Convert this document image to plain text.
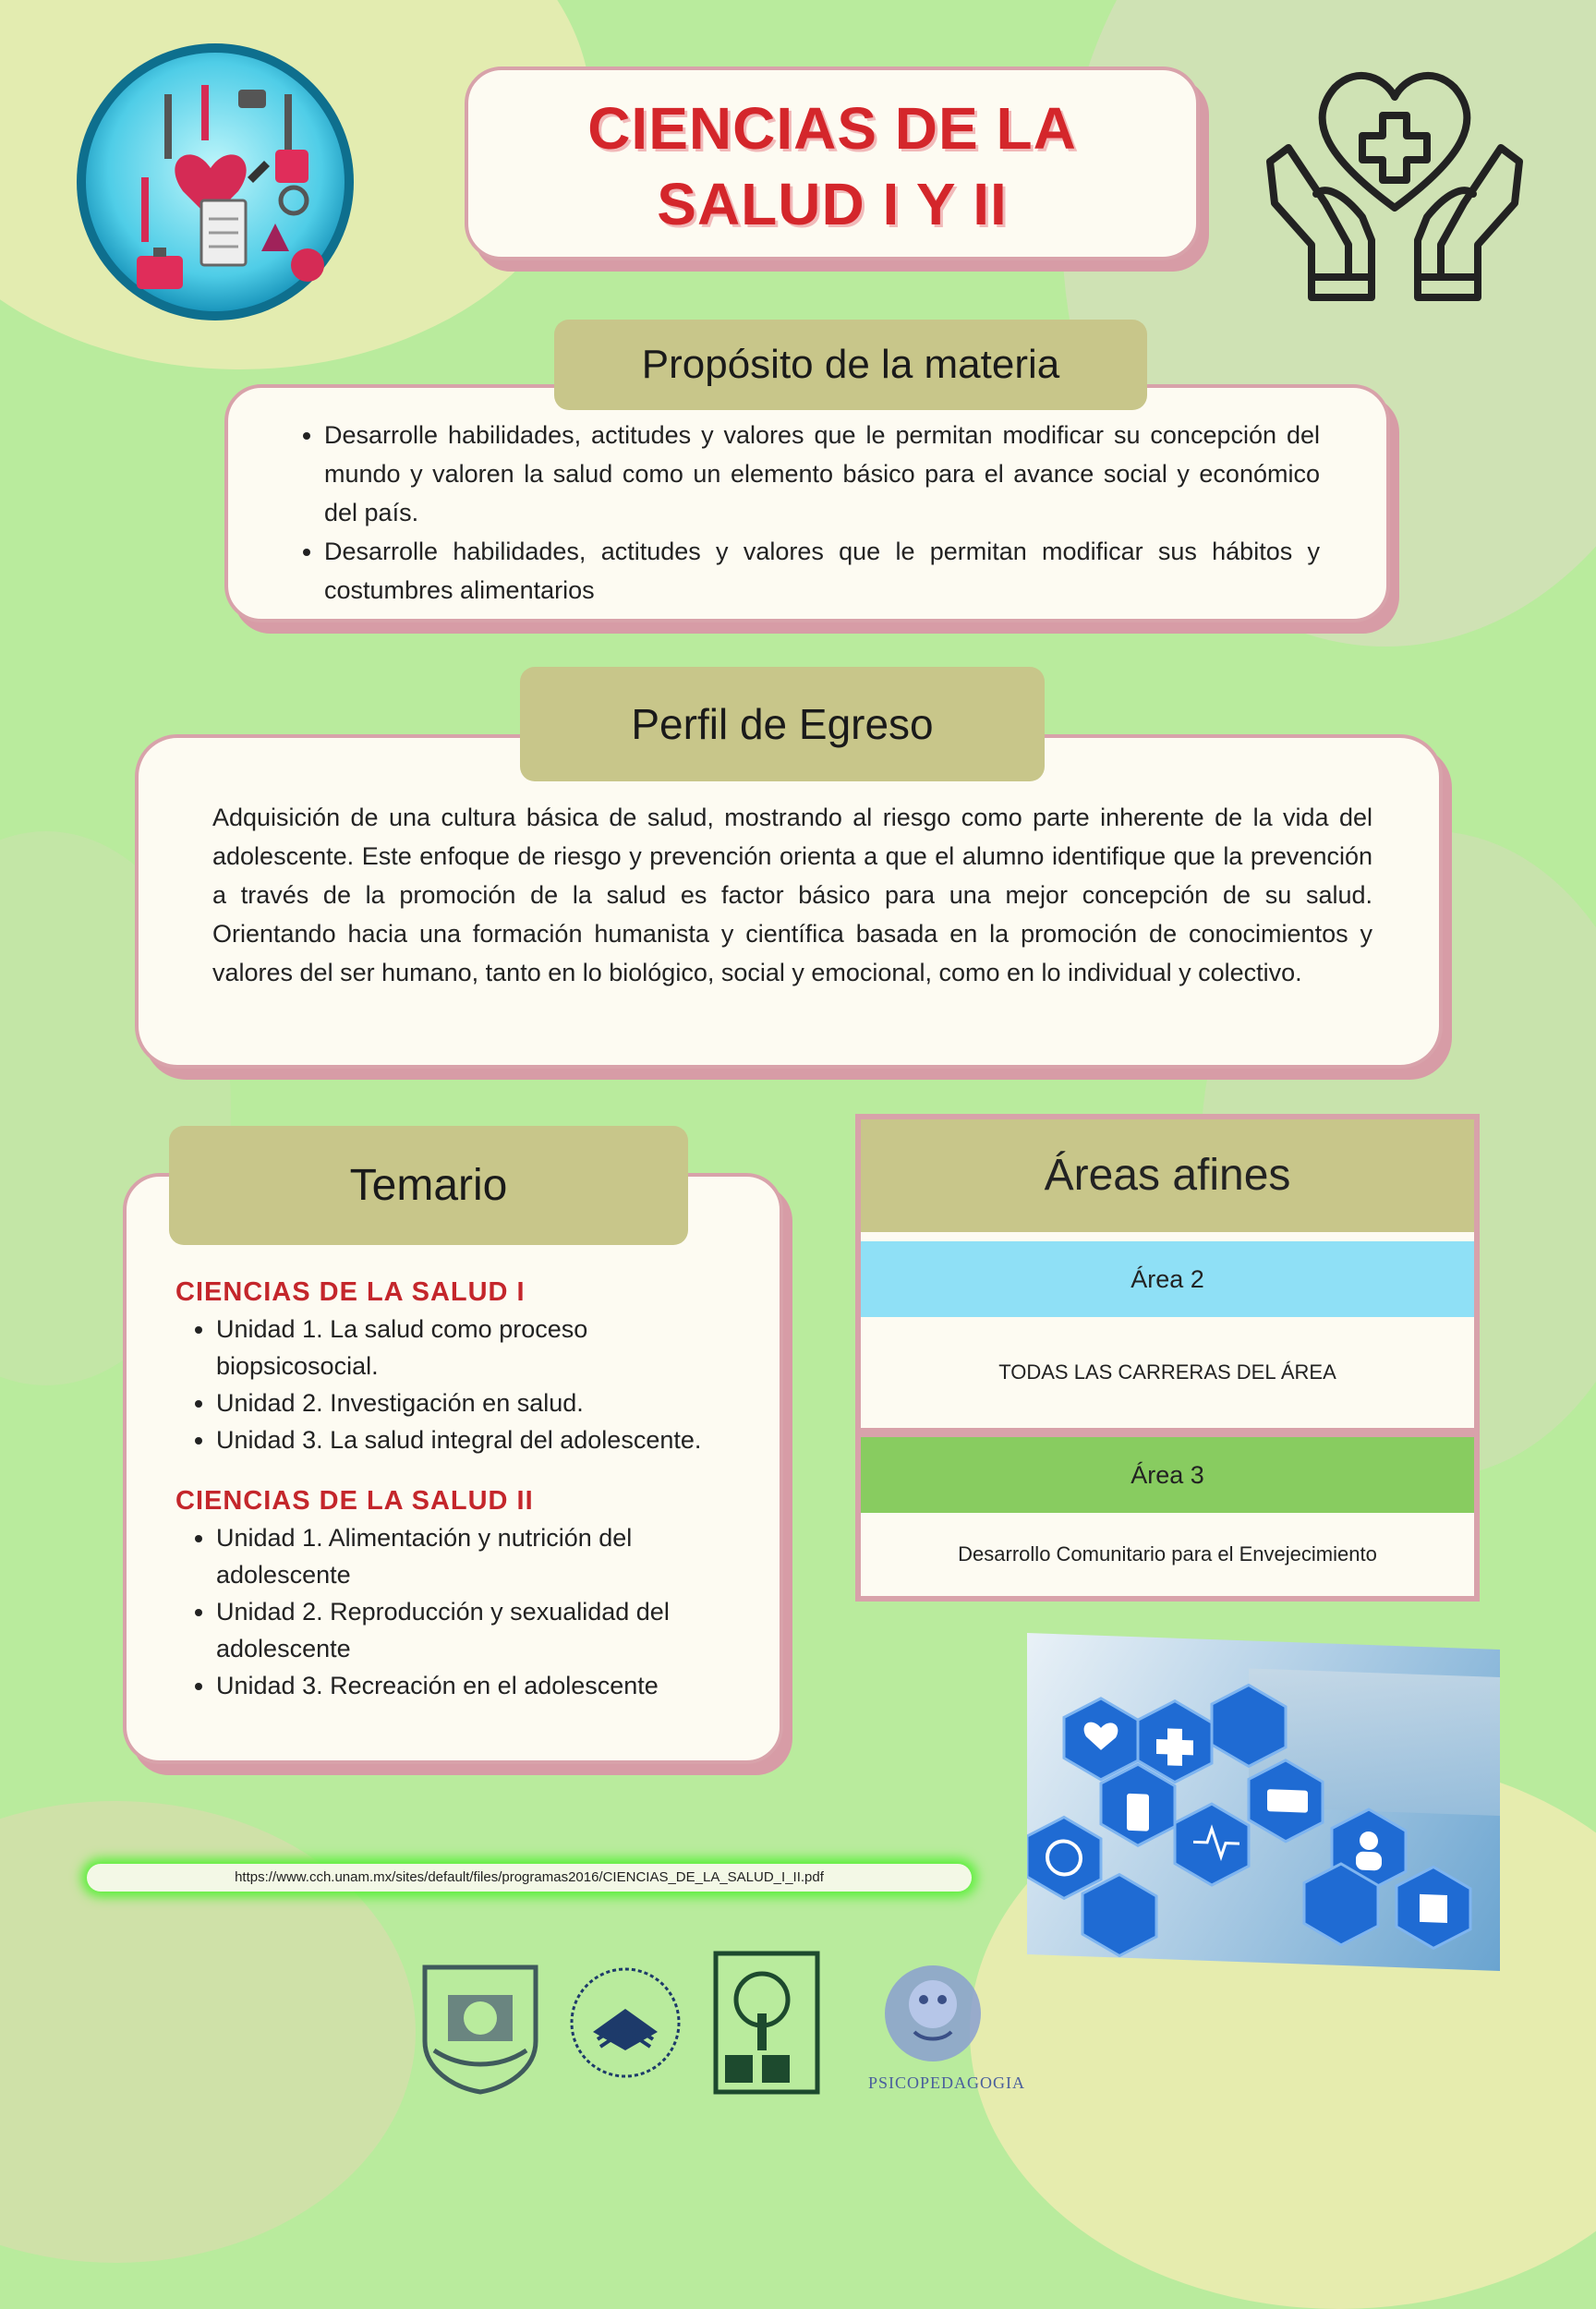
CIENCIAS DE LA
SALUD I Y II
• Desarrolle habilidades, actitudes y valores que le permitan modificar su concepción del mundo y valoren la salud como un elemento básico para el avance social y económico del país.
• Desarrolle habilidades, actitudes y valores que le permitan modificar sus hábitos y costumbres alimentarios
Propósito de la materia
Adquisición de una cultura básica de salud, mostrando al riesgo como parte inherente de la vida del adolescente. Este enfoque de riesgo y prevención orienta a que el alumno identifique que la prevención a través de la promoción de la salud es factor básico para una mejor concepción de su salud. Orientando hacia una formación humanista y científica basada en la promoción de conocimientos y valores del ser humano, tanto en lo biológico, social y emocional, como en lo individual y colectivo.
Perfil de Egreso
CIENCIAS DE LA SALUD I
• Unidad 1. La salud como proceso biopsicosocial.
• Unidad 2. Investigación en salud.
• Unidad 3. La salud integral del adolescente.
CIENCIAS DE LA SALUD II
• Unidad 1. Alimentación y nutrición del adolescente
• Unidad 2. Reproducción y sexualidad del adolescente
• Unidad 3. Recreación en el adolescente
Temario	Áreas afines
Área 2
TODAS LAS CARRERAS DEL ÁREA
Área 3
Desarrollo Comunitario para el Envejecimiento
https://www.cch.unam.mx/sites/default/files/programas2016/CIENCIAS_DE_LA_SALUD_I_II.pdf
PSICOPEDAGOGIA
